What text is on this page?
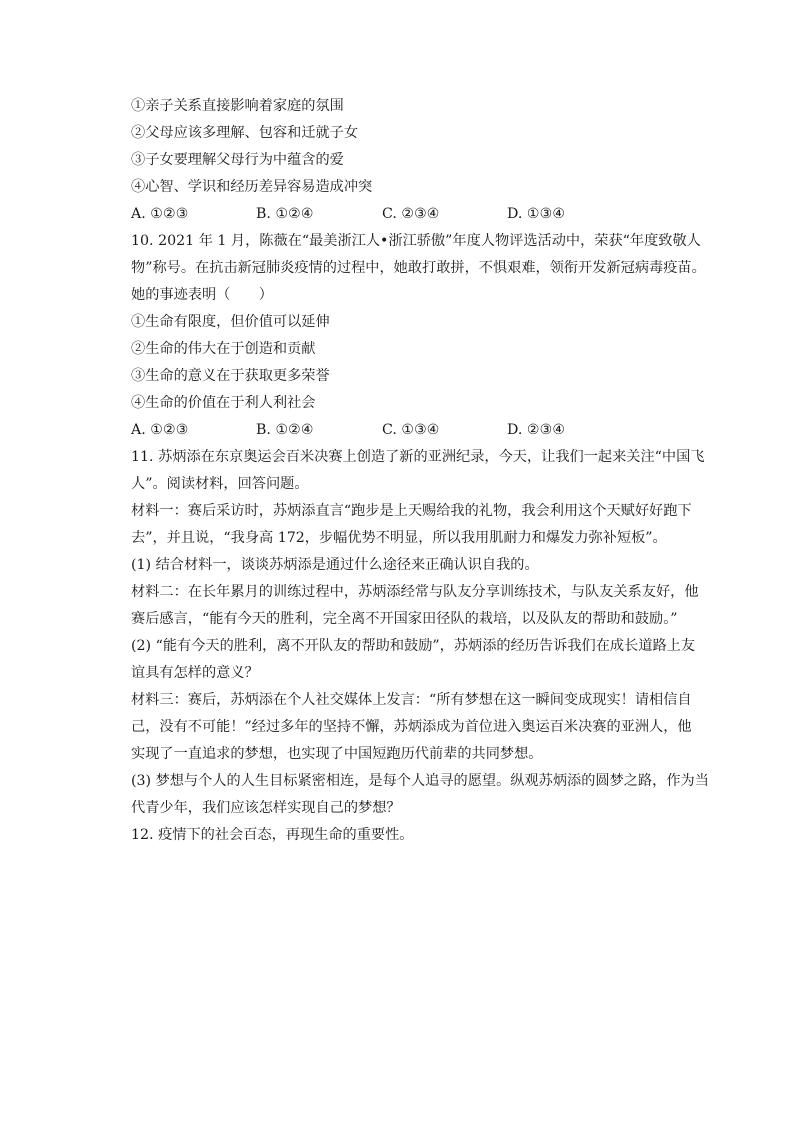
①亲子关系直接影响着家庭的氛围
②父母应该多理解、包容和迁就子女
③子女要理解父母行为中蕴含的爱
④心智、学识和经历差异容易造成冲突
A. ①②③	B. ①②④	C. ②③④	D. ①③④
10. 2021 年 1 月，陈薇在“最美浙江人•浙江骄傲”年度人物评选活动中，荣获“年度致敬人
物”称号。在抗击新冠肺炎疫情的过程中，她敢打敢拼，不惧艰难，领衔开发新冠病毒疫苗。
她的事迹表明（　　）
①生命有限度，但价值可以延伸
②生命的伟大在于创造和贡献
③生命的意义在于获取更多荣誉
④生命的价值在于利人利社会
A. ①②③	B. ①②④	C. ①③④	D. ②③④
11. 苏炳添在东京奥运会百米决赛上创造了新的亚洲纪录，今天，让我们一起来关注“中国飞
人”。阅读材料，回答问题。
材料一：赛后采访时，苏炳添直言“跑步是上天赐给我的礼物，我会利用这个天赋好好跑下
去”，并且说，“我身高 172，步幅优势不明显，所以我用肌耐力和爆发力弥补短板”。
(1) 结合材料一，谈谈苏炳添是通过什么途径来正确认识自我的。
材料二：在长年累月的训练过程中，苏炳添经常与队友分享训练技术，与队友关系友好，他
赛后感言，“能有今天的胜利，完全离不开国家田径队的栽培，以及队友的帮助和鼓励。”
(2) “能有今天的胜利，离不开队友的帮助和鼓励”，苏炳添的经历告诉我们在成长道路上友
谊具有怎样的意义？
材料三：赛后，苏炳添在个人社交媒体上发言：“所有梦想在这一瞬间变成现实！请相信自
己，没有不可能！”经过多年的坚持不懈，苏炳添成为首位进入奥运百米决赛的亚洲人，他
实现了一直追求的梦想，也实现了中国短跑历代前辈的共同梦想。
(3) 梦想与个人的人生目标紧密相连，是每个人追寻的愿望。纵观苏炳添的圆梦之路，作为当
代青少年，我们应该怎样实现自己的梦想？
12. 疫情下的社会百态，再现生命的重要性。
